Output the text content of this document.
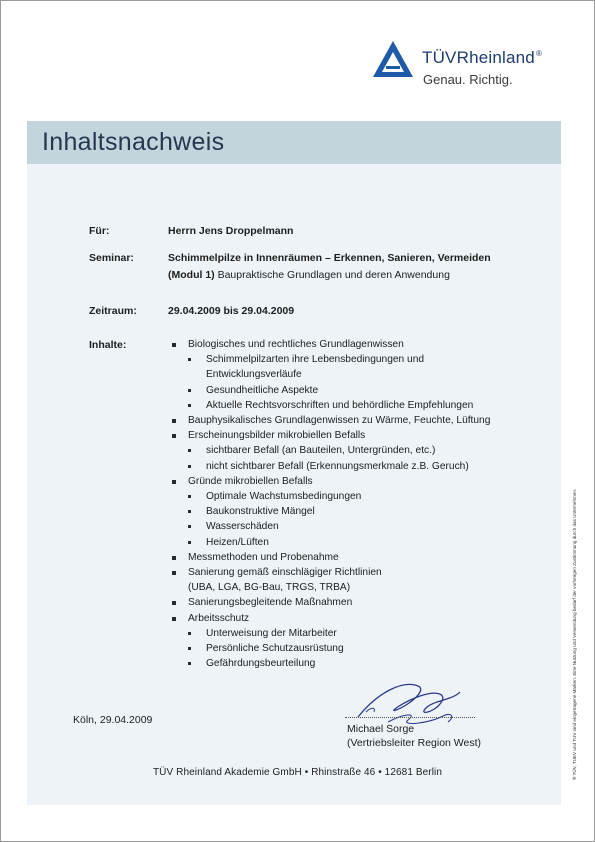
TÜVRheinland®
Genau. Richtig.
Inhaltsnachweis
Für:	Herrn Jens Droppelmann
Seminar:	Schimmelpilze in Innenräumen – Erkennen, Sanieren, Vermeiden
(Modul 1) Baupraktische Grundlagen und deren Anwendung
Zeitraum:	29.04.2009 bis 29.04.2009
Inhalte:	Biologisches und rechtliches Grundlagenwissen
Schimmelpilzarten ihre Lebensbedingungen und
Entwicklungsverläufe
Gesundheitliche Aspekte
Aktuelle Rechtsvorschriften und behördliche Empfehlungen
Bauphysikalisches Grundlagenwissen zu Wärme, Feuchte, Lüftung
Erscheinungsbilder mikrobiellen Befalls
sichtbarer Befall (an Bauteilen, Untergründen, etc.)
nicht sichtbarer Befall (Erkennungsmerkmale z.B. Geruch)
Gründe mikrobiellen Befalls
Optimale Wachstumsbedingungen
Baukonstruktive Mängel
Wasserschäden
Heizen/Lüften
Messmethoden und Probenahme
Sanierung gemäß einschlägiger Richtlinien
(UBA, LGA, BG-Bau, TRGS, TRBA)
Sanierungsbegleitende Maßnahmen
Arbeitsschutz
Unterweisung der Mitarbeiter
Persönliche Schutzausrüstung
Gefährdungsbeurteilung
Köln, 29.04.2009
Michael Sorge
(Vertriebsleiter Region West)
TÜV Rheinland Akademie GmbH • Rhinstraße 46 • 12681 Berlin	® TÜV, TUEV und TUV sind eingetragene Marken. Eine Nutzung und Verwendung bedarf der vorherigen Zustimmung durch das Unternehmen.
